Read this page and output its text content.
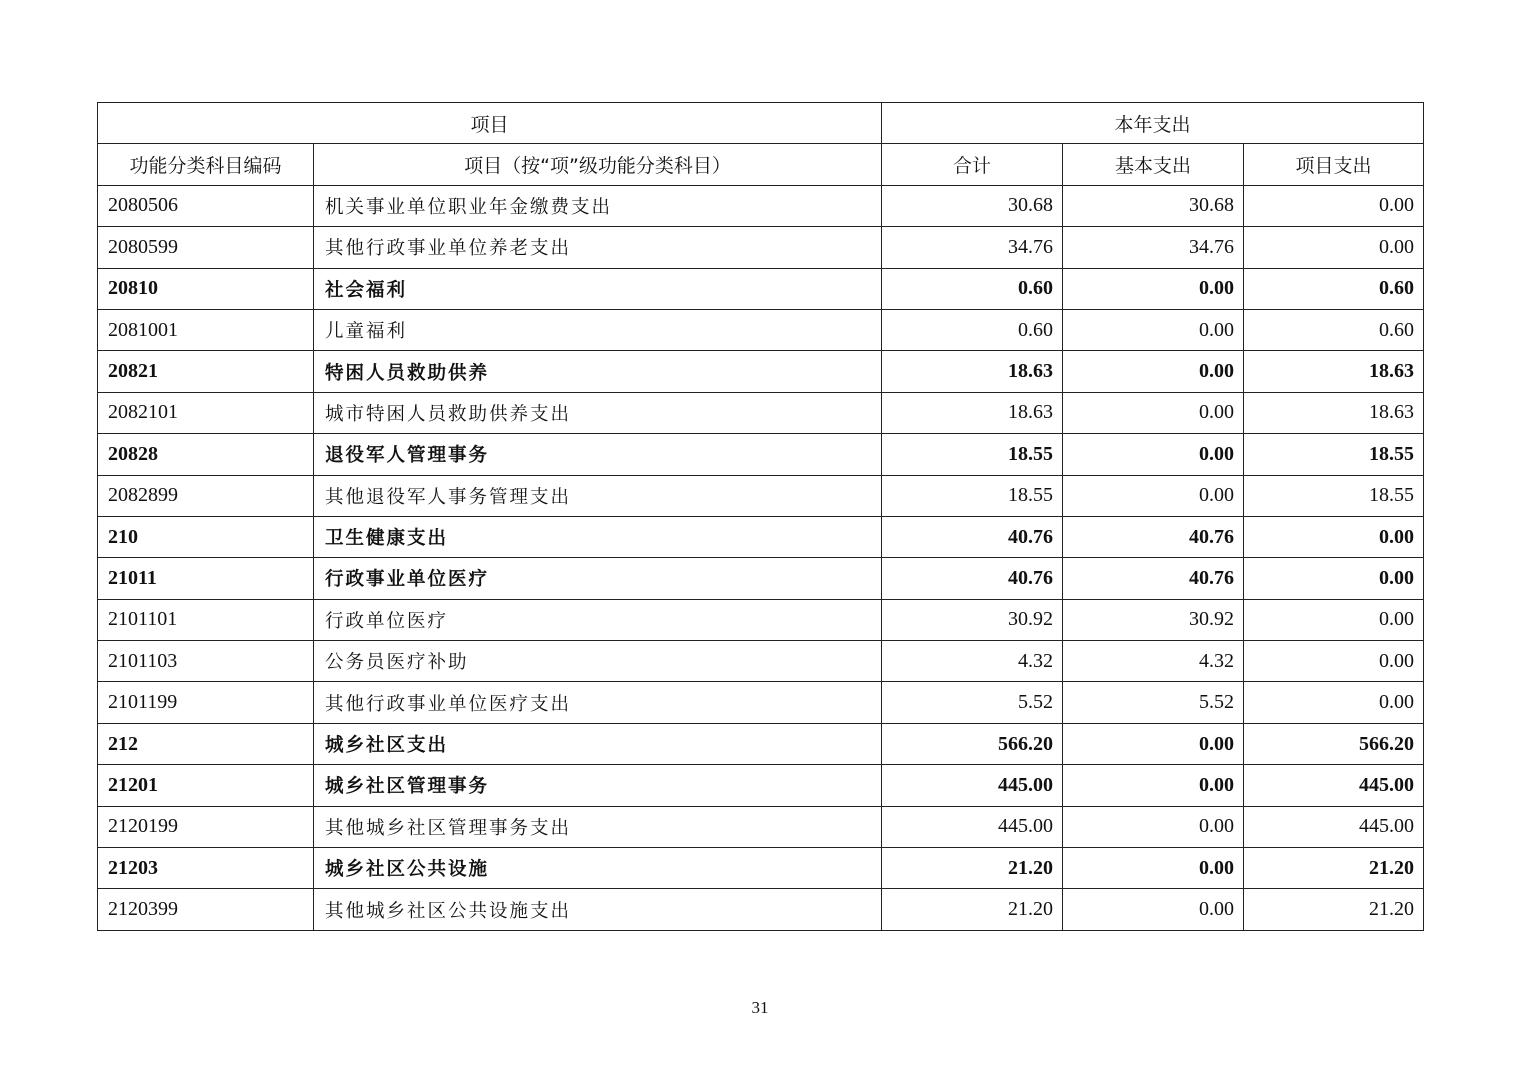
项目		本年支出		
功能分类科目编码	项目（按“项”级功能分类科目）	合计	基本支出	项目支出
2080506	机关事业单位职业年金缴费支出	30.68	30.68	0.00
2080599	其他行政事业单位养老支出	34.76	34.76	0.00
20810	社会福利	0.60	0.00	0.60
2081001	儿童福利	0.60	0.00	0.60
20821	特困人员救助供养	18.63	0.00	18.63
2082101	城市特困人员救助供养支出	18.63	0.00	18.63
20828	退役军人管理事务	18.55	0.00	18.55
2082899	其他退役军人事务管理支出	18.55	0.00	18.55
210	卫生健康支出	40.76	40.76	0.00
21011	行政事业单位医疗	40.76	40.76	0.00
2101101	行政单位医疗	30.92	30.92	0.00
2101103	公务员医疗补助	4.32	4.32	0.00
2101199	其他行政事业单位医疗支出	5.52	5.52	0.00
212	城乡社区支出	566.20	0.00	566.20
21201	城乡社区管理事务	445.00	0.00	445.00
2120199	其他城乡社区管理事务支出	445.00	0.00	445.00
21203	城乡社区公共设施	21.20	0.00	21.20
2120399	其他城乡社区公共设施支出	21.20	0.00	21.20
31
